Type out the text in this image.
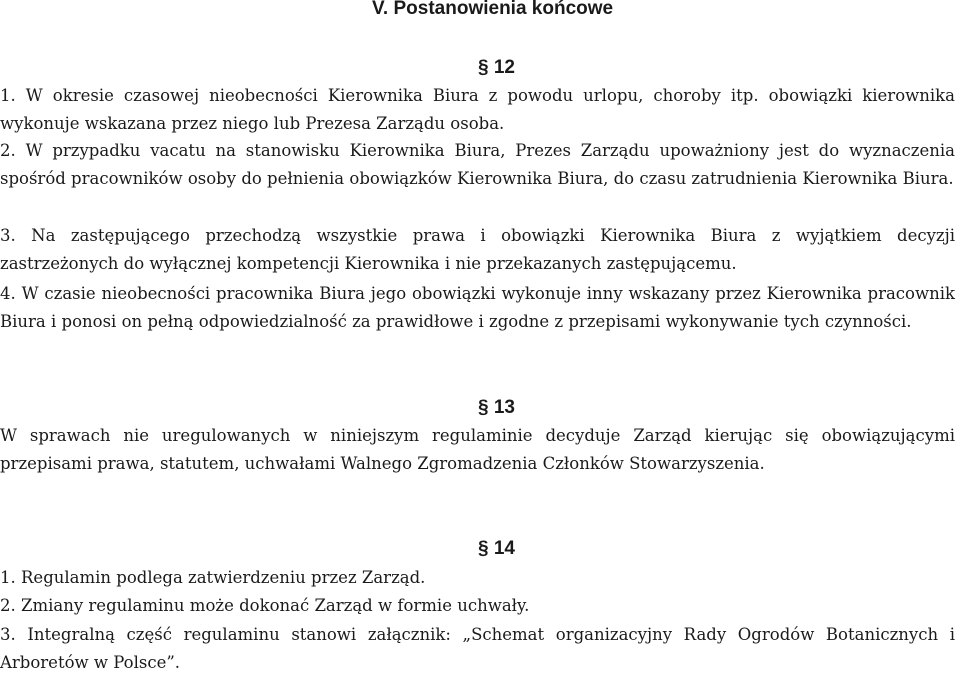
V. Postanowienia końcowe
§ 12
1. W okresie czasowej nieobecności Kierownika Biura z powodu urlopu, choroby itp. obowiązki kierownika wykonuje wskazana przez niego lub Prezesa Zarządu osoba.
2. W przypadku vacatu na stanowisku Kierownika Biura, Prezes Zarządu upoważniony jest do wyznaczenia spośród pracowników osoby do pełnienia obowiązków Kierownika Biura, do czasu zatrudnienia Kierownika Biura.
3. Na zastępującego przechodzą wszystkie prawa i obowiązki Kierownika Biura z wyjątkiem decyzji zastrzeżonych do wyłącznej kompetencji Kierownika i nie przekazanych zastępującemu.
4. W czasie nieobecności pracownika Biura jego obowiązki wykonuje inny wskazany przez Kierownika pracownik Biura i ponosi on pełną odpowiedzialność za prawidłowe i zgodne z przepisami wykonywanie tych czynności.
§ 13
W sprawach nie uregulowanych w niniejszym regulaminie decyduje Zarząd kierując się obowiązującymi przepisami prawa, statutem, uchwałami Walnego Zgromadzenia Członków Stowarzyszenia.
§ 14
1. Regulamin podlega zatwierdzeniu przez Zarząd.
2. Zmiany regulaminu może dokonać Zarząd w formie uchwały.
3. Integralną część regulaminu stanowi załącznik: „Schemat organizacyjny Rady Ogrodów Botanicznych i Arboretów w Polsce”.
